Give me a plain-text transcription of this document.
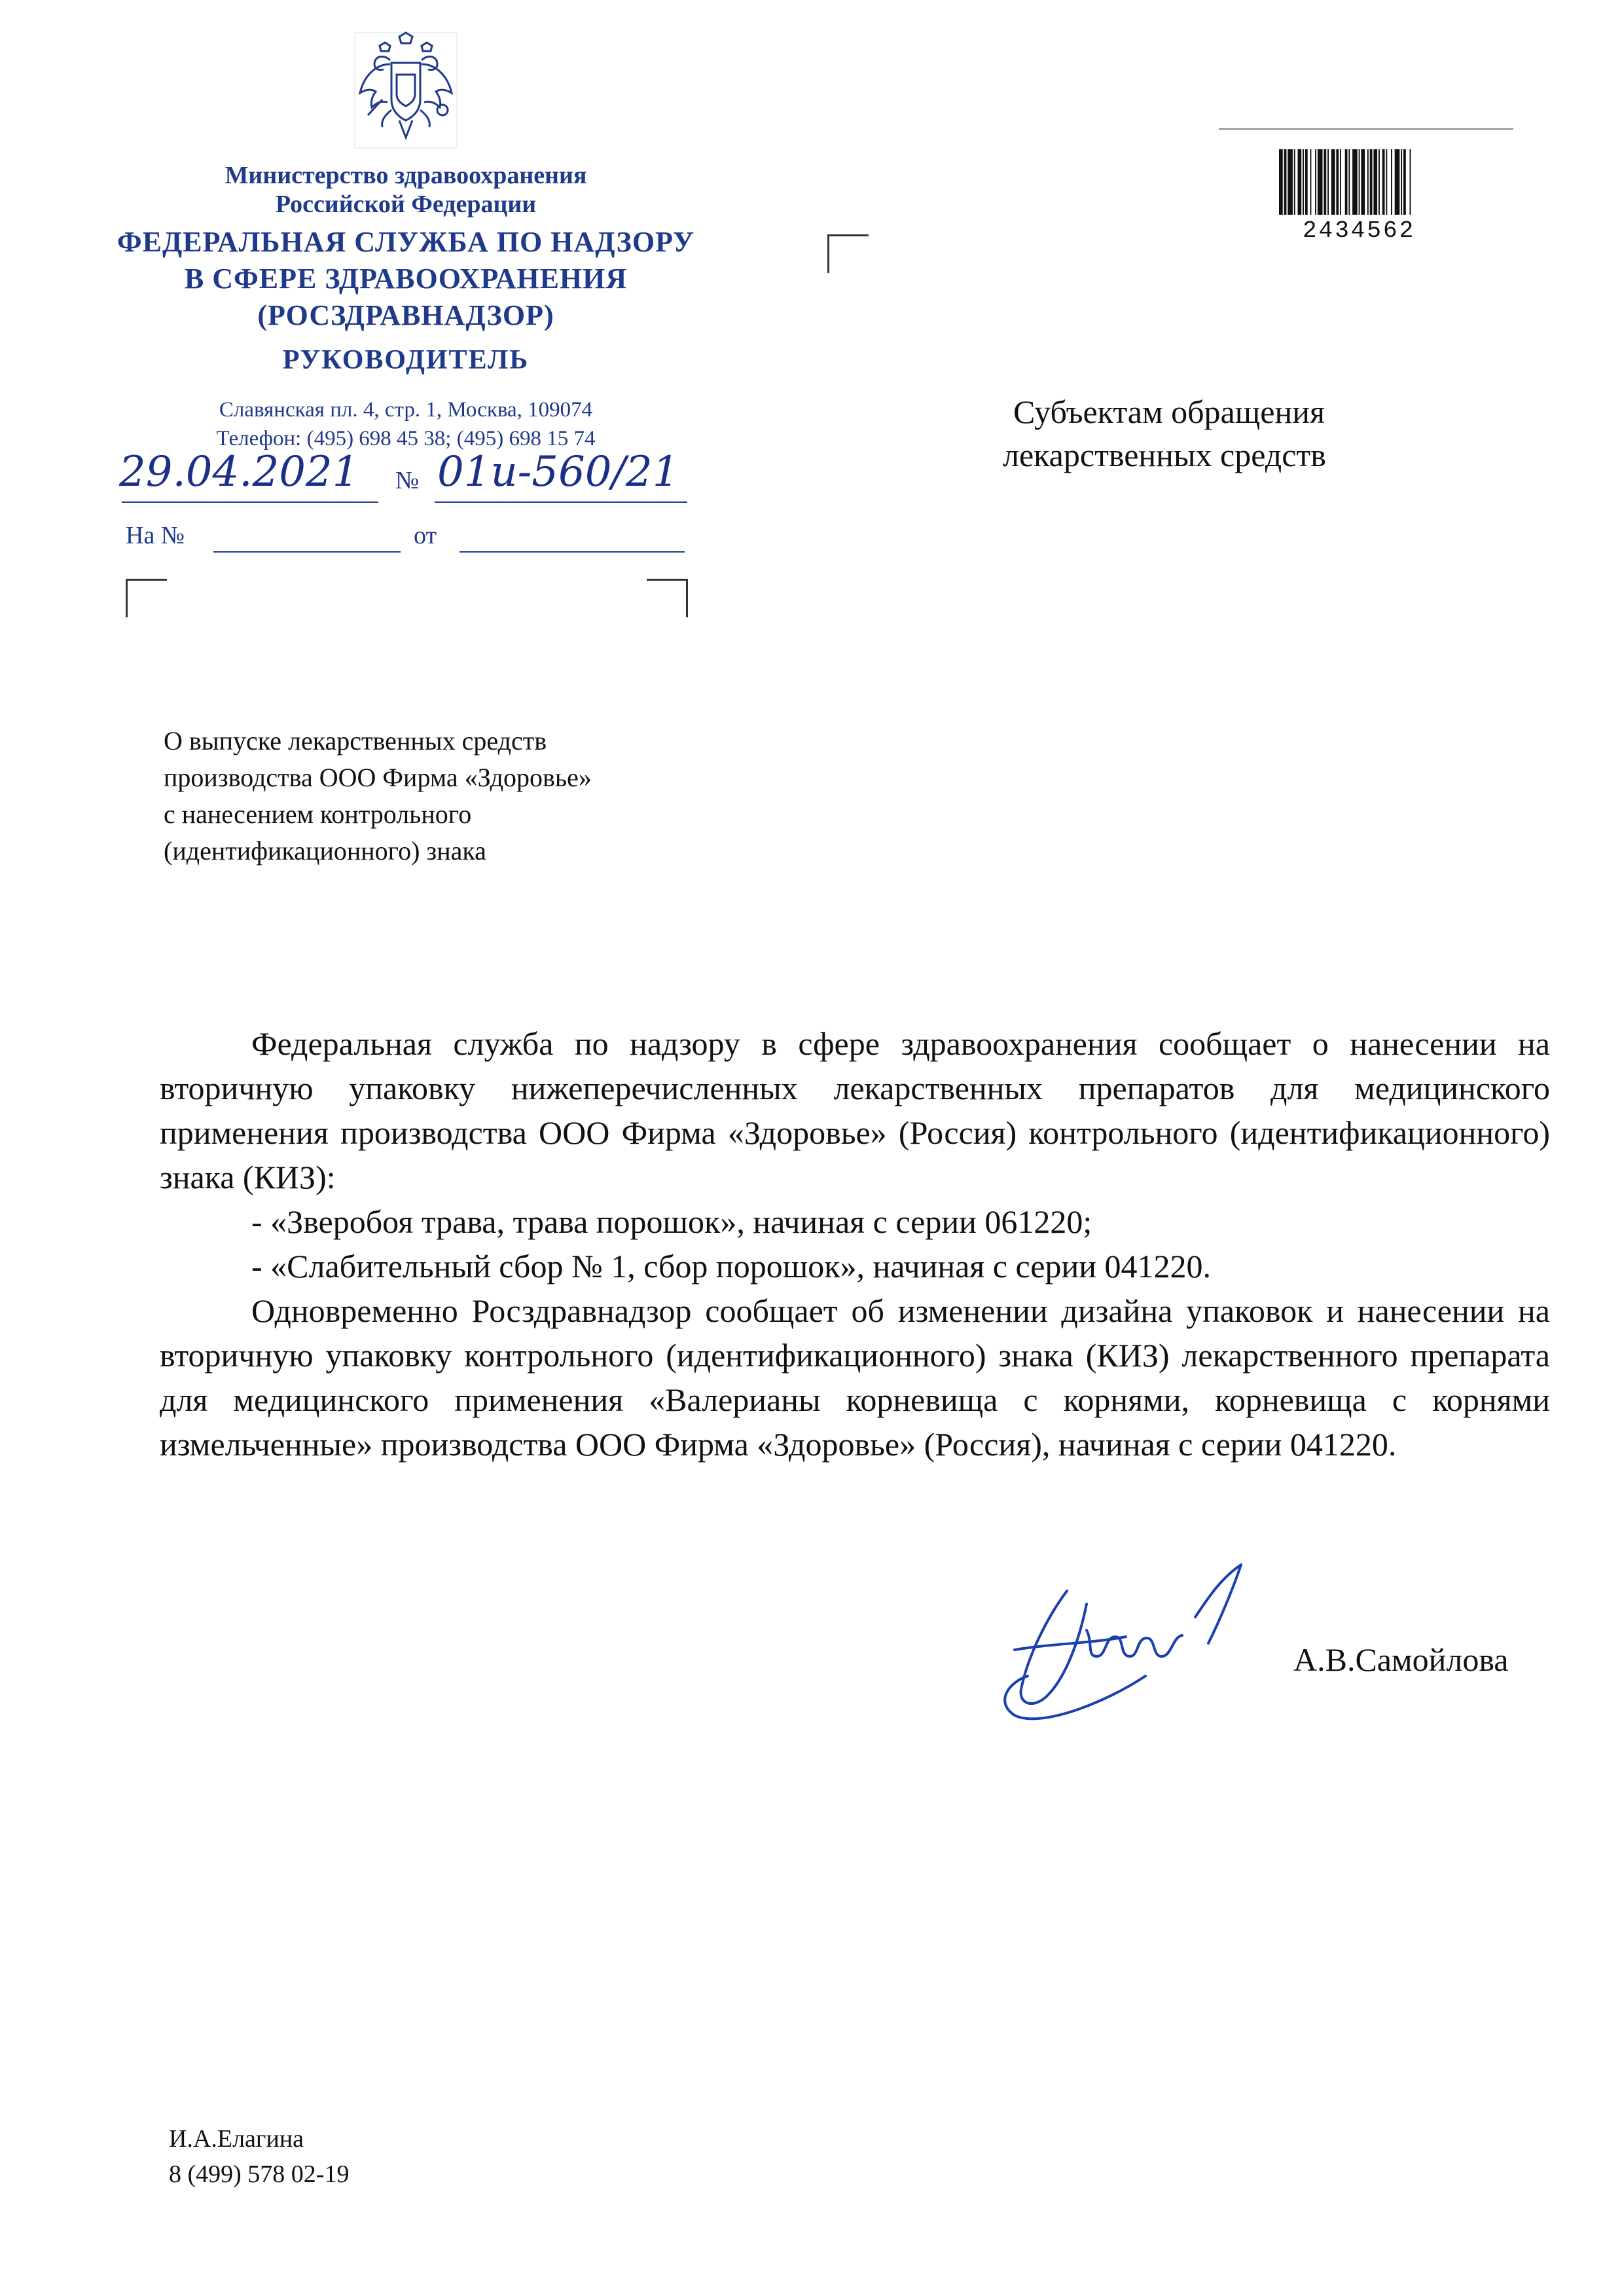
Министерство здравоохранения
Российской Федерации
ФЕДЕРАЛЬНАЯ СЛУЖБА ПО НАДЗОРУ
В СФЕРЕ ЗДРАВООХРАНЕНИЯ
(РОСЗДРАВНАДЗОР)
РУКОВОДИТЕЛЬ
Славянская пл. 4, стр. 1, Москва, 109074
Телефон: (495) 698 45 38; (495) 698 15 74
29.04.2021 № 01и-560/21
На №	от
2434562
Субъектам обращения
лекарственных средств
О выпуске лекарственных средств
производства ООО Фирма «Здоровье»
с нанесением контрольного
(идентификационного) знака

Федеральная служба по надзору в сфере здравоохранения сообщает о нанесении на вторичную упаковку нижеперечисленных лекарственных препаратов для медицинского применения производства ООО Фирма «Здоровье» (Россия) контрольного (идентификационного) знака (КИЗ):

- «Зверобоя трава, трава порошок», начиная с серии 061220;

- «Слабительный сбор № 1, сбор порошок», начиная с серии 041220.

Одновременно Росздравнадзор сообщает об изменении дизайна упаковок и нанесении на вторичную упаковку контрольного (идентификационного) знака (КИЗ) лекарственного препарата для медицинского применения «Валерианы корневища с корнями, корневища с корнями измельченные» производства ООО Фирма «Здоровье» (Россия), начиная с серии 041220.

А.В.Самойлова
И.А.Елагина
8 (499) 578 02-19
